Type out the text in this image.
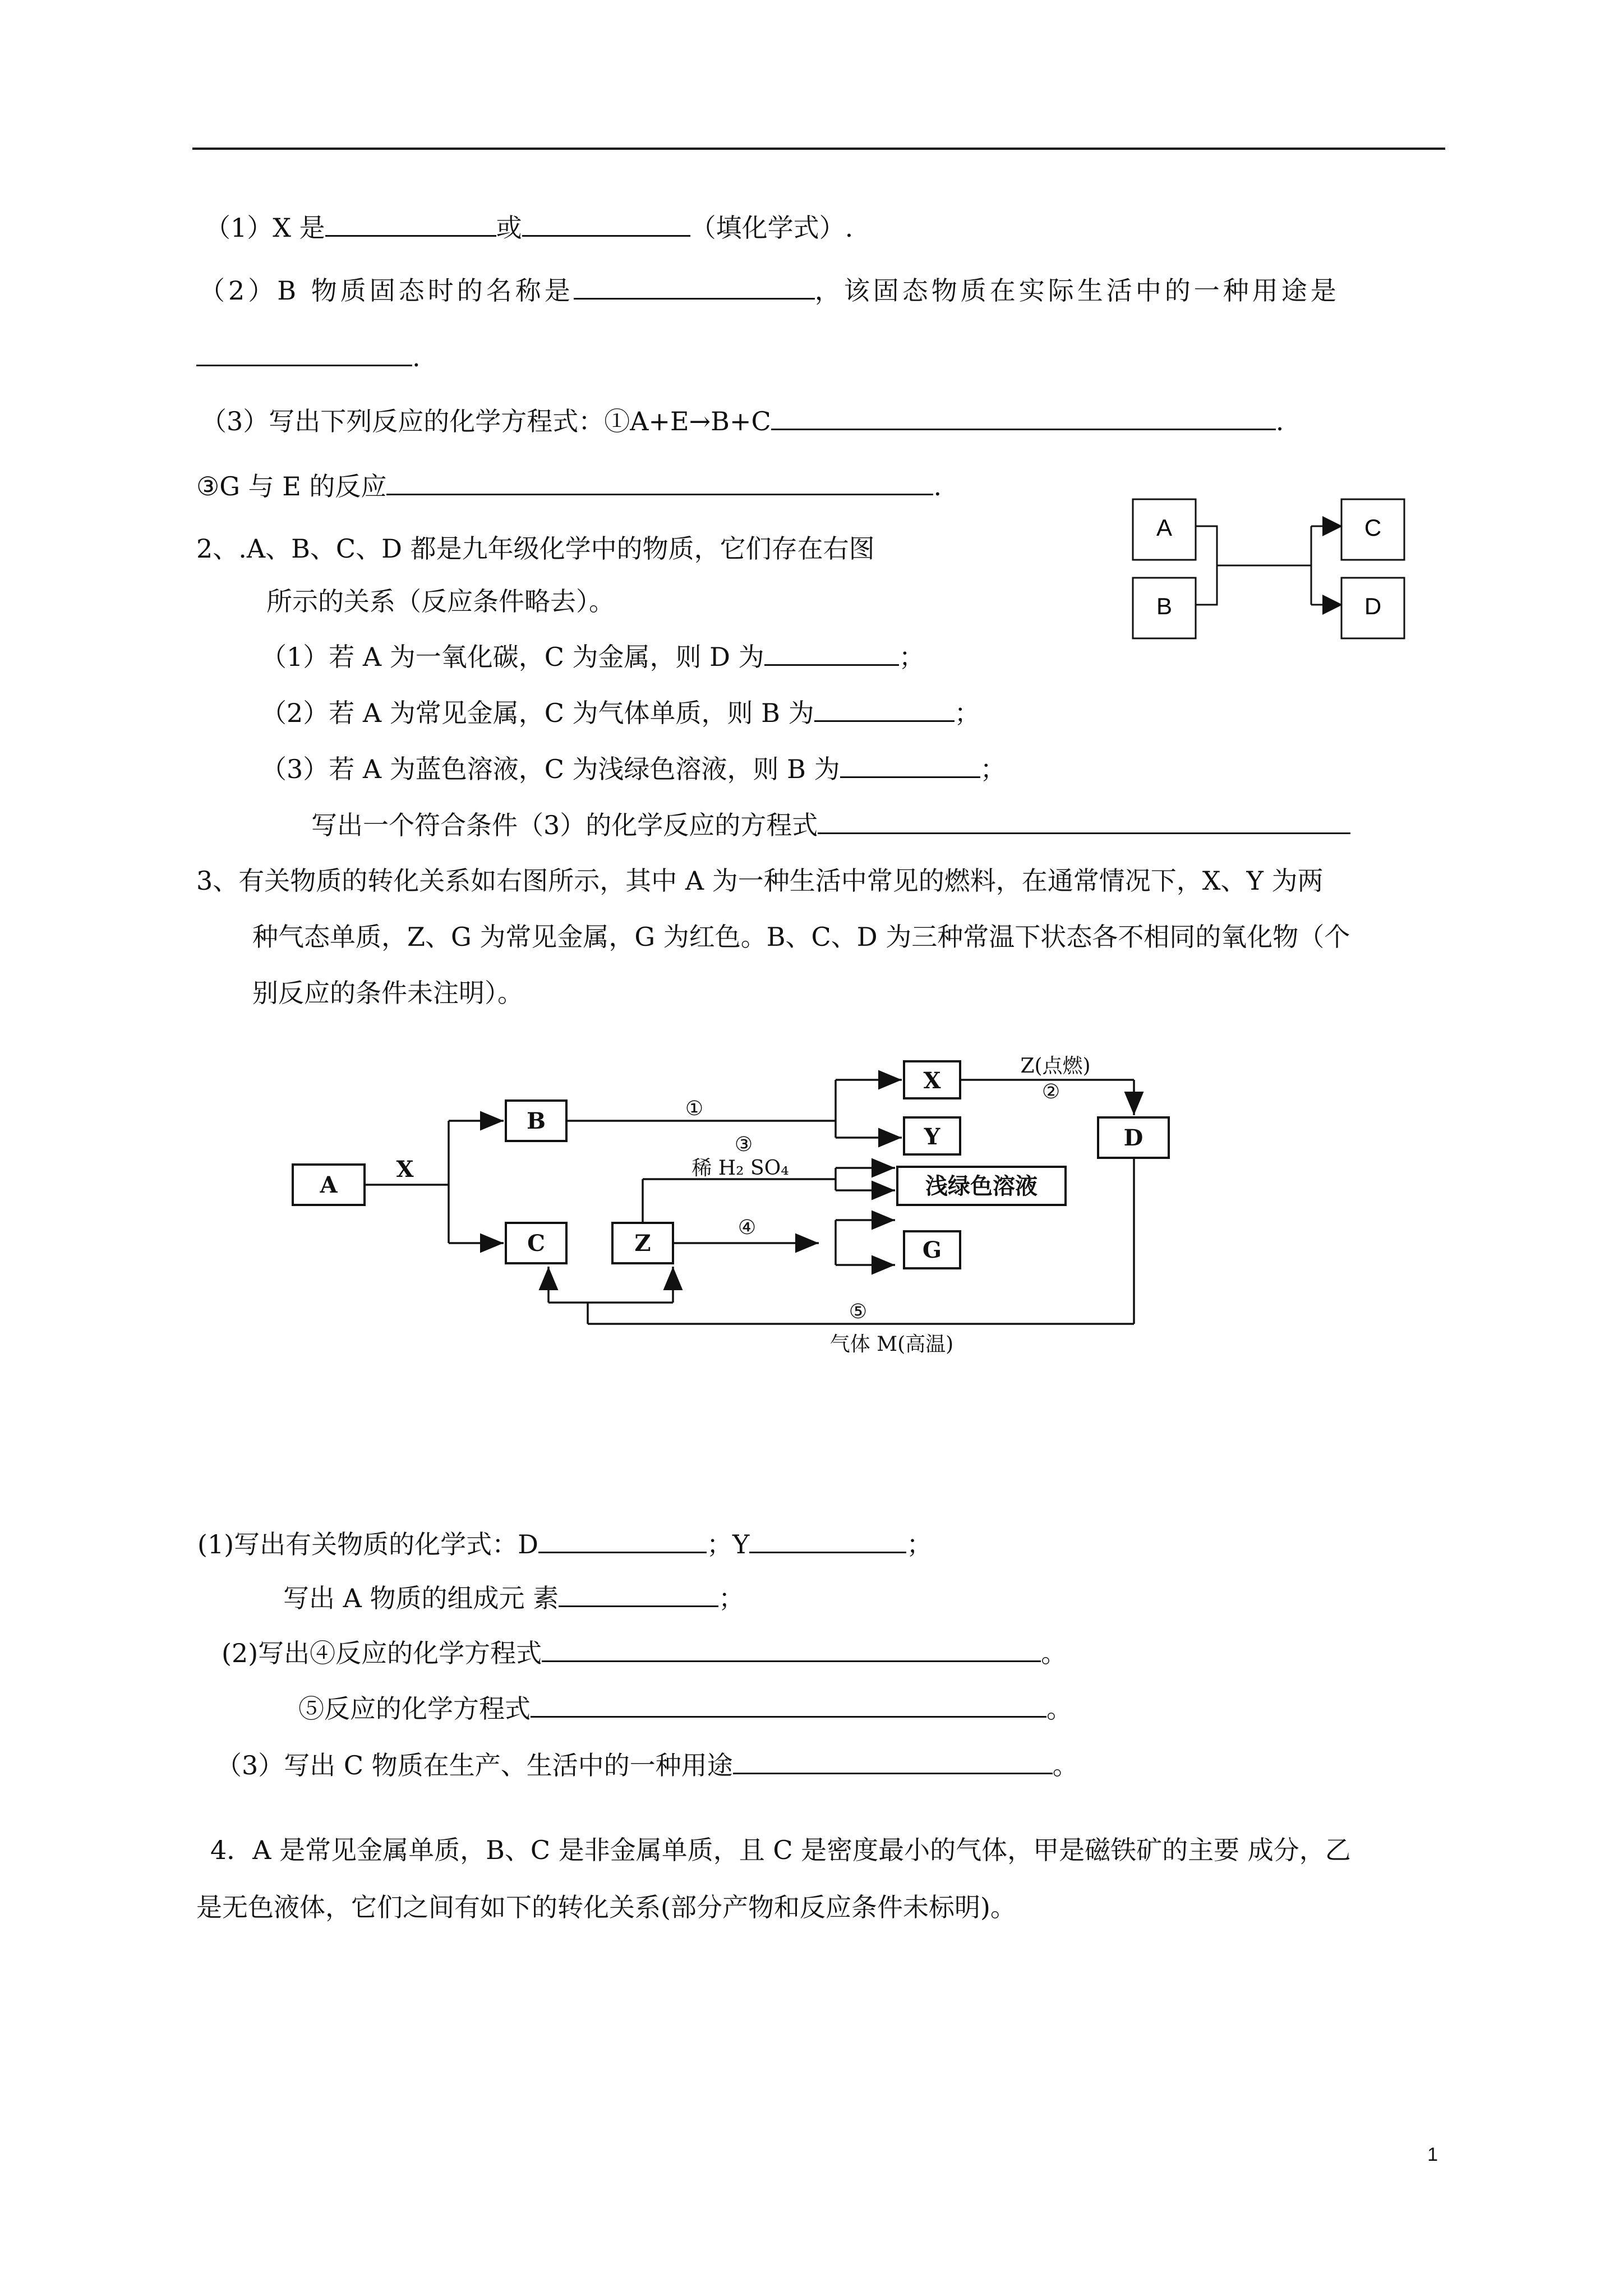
（1）X 是	或	（填化学式）.
（2）B 物质固态时的名称是	，该固态物质在实际生活中的一种用途是
.
（3）写出下列反应的化学方程式：①A+E→B+C	.
③G 与 E 的反应	.
2、.A、B、C、D 都是九年级化学中的物质，它们存在右图
所示的关系（反应条件略去）。
（1）若 A 为一氧化碳，C 为金属，则 D 为	；
（2）若 A 为常见金属，C 为气体单质，则 B 为	；
（3）若 A 为蓝色溶液，C 为浅绿色溶液，则 B 为	；
写出一个符合条件（3）的化学反应的方程式
A
B
C
D
3、有关物质的转化关系如右图所示，其中 A 为一种生活中常见的燃料，在通常情况下，X、Y 为两
种气态单质，Z、G 为常见金属，G 为红色。B、C、D 为三种常温下状态各不相同的氧化物（个
别反应的条件未注明）。
A
X
B
C	Z
X
Y
G
D
浅绿色溶液
①
Z(点燃)
②
③
稀 H₂ SO₄
④
⑤
气体 M(高温)
(1)写出有关物质的化学式：D	；Y	；
写出 A 物质的组成元 素	；
(2)写出④反应的化学方程式	。
⑤反应的化学方程式	。
（3）写出 C 物质在生产、生活中的一种用途	。
4．A 是常见金属单质，B、C 是非金属单质，且 C 是密度最小的气体，甲是磁铁矿的主要 成分，乙
是无色液体，它们之间有如下的转化关系(部分产物和反应条件未标明)。
1
